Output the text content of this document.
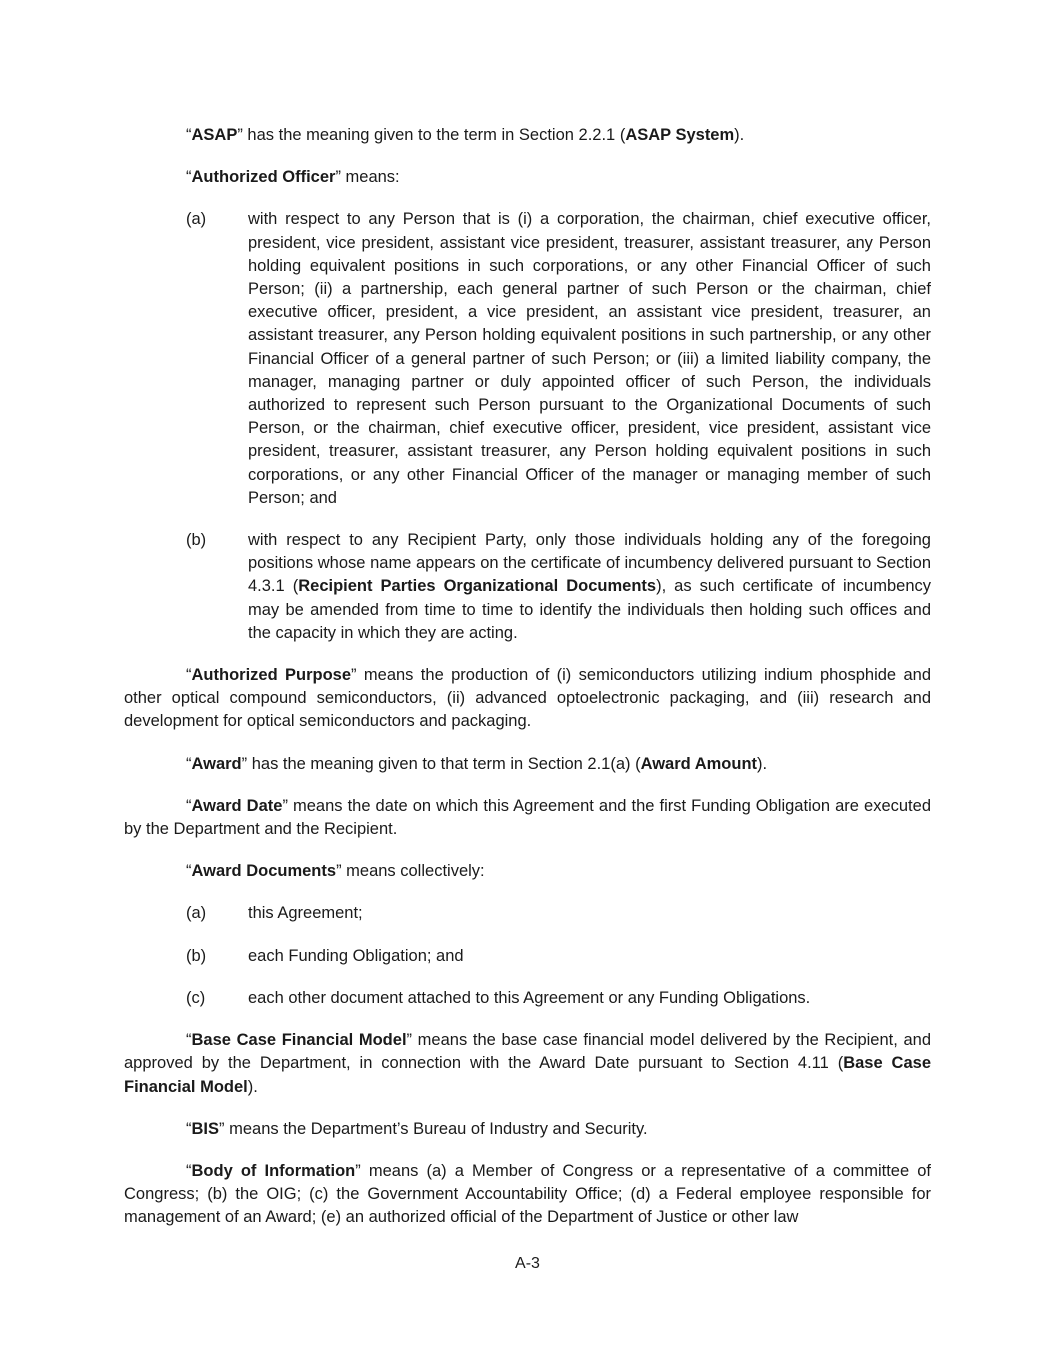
“ASAP” has the meaning given to the term in Section 2.2.1 (ASAP System).

“Authorized Officer” means:

(a)	with respect to any Person that is (i) a corporation, the chairman, chief executive officer, president, vice president, assistant vice president, treasurer, assistant treasurer, any Person holding equivalent positions in such corporations, or any other Financial Officer of such Person; (ii) a partnership, each general partner of such Person or the chairman, chief executive officer, president, a vice president, an assistant vice president, treasurer, an assistant treasurer, any Person holding equivalent positions in such partnership, or any other Financial Officer of a general partner of such Person; or (iii) a limited liability company, the manager, managing partner or duly appointed officer of such Person, the individuals authorized to represent such Person pursuant to the Organizational Documents of such Person, or the chairman, chief executive officer, president, vice president, assistant vice president, treasurer, assistant treasurer, any Person holding equivalent positions in such corporations, or any other Financial Officer of the manager or managing member of such Person; and

(b)	with respect to any Recipient Party, only those individuals holding any of the foregoing positions whose name appears on the certificate of incumbency delivered pursuant to Section 4.3.1 (Recipient Parties Organizational Documents), as such certificate of incumbency may be amended from time to time to identify the individuals then holding such offices and the capacity in which they are acting.

“Authorized Purpose” means the production of (i) semiconductors utilizing indium phosphide and other optical compound semiconductors, (ii) advanced optoelectronic packaging, and (iii) research and development for optical semiconductors and packaging.

“Award” has the meaning given to that term in Section 2.1(a) (Award Amount).

“Award Date” means the date on which this Agreement and the first Funding Obligation are executed by the Department and the Recipient.

“Award Documents” means collectively:

(a)	this Agreement;

(b)	each Funding Obligation; and

(c)	each other document attached to this Agreement or any Funding Obligations.

“Base Case Financial Model” means the base case financial model delivered by the Recipient, and approved by the Department, in connection with the Award Date pursuant to Section 4.11 (Base Case Financial Model).

“BIS” means the Department’s Bureau of Industry and Security.

“Body of Information” means (a) a Member of Congress or a representative of a committee of Congress; (b) the OIG; (c) the Government Accountability Office; (d) a Federal employee responsible for management of an Award; (e) an authorized official of the Department of Justice or other law

A-3
